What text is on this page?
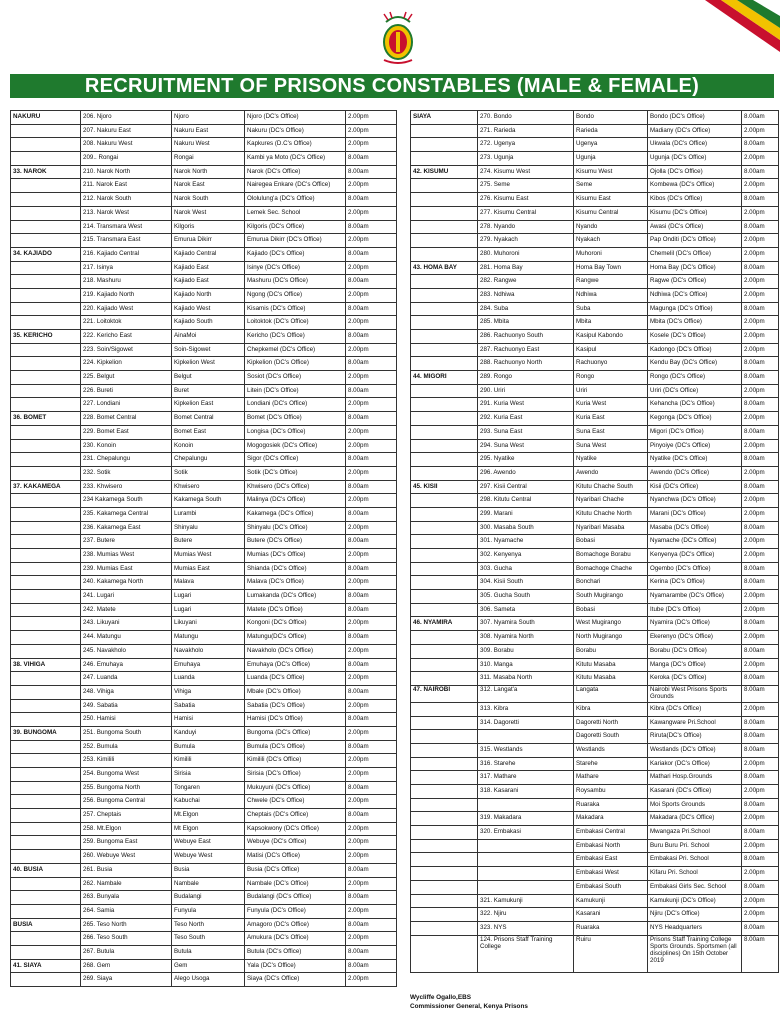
RECRUITMENT OF PRISONS CONSTABLES (MALE & FEMALE)
NAKURU	206. Njoro	Njoro	Njoro (DC's Office)	2.00pm
	207. Nakuru East	Nakuru East	Nakuru (DC's Office)	2.00pm
	208. Nakuru West	Nakuru West	Kapkures (D.C's Office)	2.00pm
	209.. Rongai	Rongai	Kambi ya Moto (DC's Office)	8.00am
33. NAROK	210. Narok North	Narok North	Narok (DC's Office)	8.00am
	211. Narok East	Narok East	Nairegea Enkare (DC's Office)	2.00pm
	212. Narok South	Narok South	Ololulung'a (DC's Office)	8.00am
	213. Narok West	Narok West	Lemek Sec. School	2.00pm
	214. Transmara West	Kilgoris	Kilgoris (DC's Office)	8.00am
	215. Transmara East	Emurua Dikirr	Emurua Dikirr (DC's Office)	2.00pm
34. KAJIADO	216. Kajiado Central	Kajiado Central	Kajiado (DC's Office)	8.00am
	217. Isinya	Kajiado East	Isinye (DC's Office)	2.00pm
	218. Mashuru	Kajiado East	Mashuru (DC's Office)	8.00am
	219. Kajiado North	Kajiado North	Ngong (DC's Office)	2.00pm
	220. Kajiado West	Kajiado West	Kisamis (DC's Office)	8.00am
	221. Loitoktok	Kajiado South	Loitoktok (DC's Office)	2.00pm
35. KERICHO	222. Kericho East	AinaMoi	Kericho (DC's Office)	8.00am
	223. Soin/Sigowet	Soin-Sigowet	Chepkemel (DC's Office)	2.00pm
	224. Kipkelion	Kipkelion West	Kipkelion (DC's Office)	8.00am
	225. Belgut	Belgut	Sosiot (DC's Office)	2.00pm
	226. Bureti	Buret	Litein (DC's Office)	8.00am
	227. Londiani	Kipkelion East	Londiani (DC's Office)	2.00pm
36. BOMET	228. Bomet Central	Bomet Central	Bomet (DC's Office)	8.00am
	229. Bomet East	Bomet East	Longisa (DC's Office)	2.00pm
	230. Konoin	Konoin	Mogogosiek (DC's Office)	2.00pm
	231. Chepalungu	Chepalungu	Sigor (DC's Office)	8.00am
	232. Sotik	Sotik	Sotik (DC's Office)	2.00pm
37. KAKAMEGA	233. Khwisero	Khwisero	Khwisero (DC's Office)	8.00am
	234 Kakamega South	Kakamega South	Malinya (DC's Office)	2.00pm
	235. Kakamega Central	Lurambi	Kakamega (DC's Office)	8.00am
	236. Kakamega East	Shinyalu	Shinyalu (DC's Office)	2.00pm
	237. Butere	Butere	Butere (DC's Office)	8.00am
	238. Mumias West	Mumias West	Mumias (DC's Office)	2.00pm
	239. Mumias East	Mumias East	Shianda (DC's Office)	8.00am
	240. Kakamega North	Malava	Malava (DC's Office)	2.00pm
	241. Lugari	Lugari	Lumakanda (DC's Office)	8.00am
	242. Matete	Lugari	Matete (DC's Office)	8.00am
	243. Likuyani	Likuyani	Kongoni (DC's Office)	2.00pm
	244. Matungu	Matungu	Matungu(DC's Office)	8.00am
	245. Navakholo	Navakholo	Navakholo (DC's Office)	2.00pm
38. VIHIGA	246. Emuhaya	Emuhaya	Emuhaya (DC's Office)	8.00am
	247. Luanda	Luanda	Luanda (DC's Office)	2.00pm
	248. Vihiga	Vihiga	Mbale (DC's Office)	8.00am
	249. Sabatia	Sabatia	Sabatia (DC's Office)	2.00pm
	250. Hamisi	Hamisi	Hamisi (DC's Office)	8.00am
39. BUNGOMA	251. Bungoma South	Kanduyi	Bungoma (DC's Office)	2.00pm
	252. Bumula	Bumula	Bumula (DC's Office)	8.00am
	253. Kimilili	Kimilili	Kimilili (DC's Office)	2.00pm
	254. Bungoma West	Sirisia	Sirisia (DC's Office)	2.00pm
	255. Bungoma North	Tongaren	Mukuyuni (DC's Office)	8.00am
	256. Bungoma Central	Kabuchai	Chwele (DC's Office)	2.00pm
	257. Cheptais	Mt.Elgon	Cheptais (DC's Office)	8.00am
	258. Mt.Elgon	Mt Elgon	Kapsokwony (DC's Office)	2.00pm
	259. Bungoma East	Webuye East	Webuye (DC's Office)	2.00pm
	260. Webuye West	Webuye West	Matisi (DC's Office)	2.00pm
40. BUSIA	261. Busia	Busia	Busia (DC's Office)	8.00am
	262. Nambale	Nambale	Nambale (DC's Office)	2.00pm
	263. Bunyala	Budalangi	Budalangi (DC's Office)	8.00am
	264. Samia	Funyula	Funyula (DC's Office)	2.00pm
BUSIA	265. Teso North	Teso North	Amagoro (DC's Office)	8.00am
	266. Teso South	Teso South	Amukura (DC's Office)	2.00pm
	267. Butula	Butula	Butula (DC's Office)	8.00am
41. SIAYA	268. Gem	Gem	Yala (DC's Office)	8.00am
	269. Siaya	Alego Usoga	Siaya (DC's Office)	2.00pm
SIAYA	270. Bondo	Bondo	Bondo (DC's Office)	8.00am
	271. Rarieda	Rarieda	Madiany (DC's Office)	2.00pm
	272. Ugenya	Ugenya	Ukwala (DC's Office)	8.00am
	273. Ugunja	Ugunja	Ugunja (DC's Office)	2.00pm
42. KISUMU	274. Kisumu West	Kisumu West	Ojolla (DC's Office)	8.00am
	275. Seme	Seme	Kombewa (DC's Office)	2.00pm
	276. Kisumu East	Kisumu East	Kibos (DC's Office)	8.00am
	277. Kisumu Central	Kisumu Central	Kisumu (DC's Office)	2.00pm
	278. Nyando	Nyando	Awasi (DC's Office)	8.00am
	279. Nyakach	Nyakach	Pap Onditi (DC's Office)	2.00pm
	280. Muhoroni	Muhoroni	Chemelil (DC's Office)	2.00pm
43. HOMA BAY	281. Homa Bay	Homa Bay Town	Homa Bay (DC's Office)	8.00am
	282. Rangwe	Rangwe	Ragwe (DC's Office)	2.00pm
	283. Ndhiwa	Ndhiwa	Ndhiwa (DC's Office)	2.00pm
	284. Suba	Suba	Magunga (DC's Office)	8.00am
	285. Mbita	Mbita	Mbita (DC's Office)	2.00pm
	286. Rachuonyo South	Kasipul Kabondo	Kosele (DC's Office)	2.00pm
	287. Rachuonyo East	Kasipul	Kadongo (DC's Office)	2.00pm
	288. Rachuonyo North	Rachuonyo	Kendu Bay (DC's Office)	8.00am
44. MIGORI	289. Rongo	Rongo	Rongo (DC's Office)	8.00am
	290. Uriri	Uriri	Uriri (DC's Office)	2.00pm
	291. Kuria West	Kuria West	Kehancha (DC's Office)	8.00am
	292. Kuria East	Kuria East	Kegonga (DC's Office)	2.00pm
	293. Suna East	Suna East	Migori (DC's Office)	8.00am
	294. Suna West	Suna West	Pinyoiye (DC's Office)	2.00pm
	295. Nyatike	Nyatike	Nyatike (DC's Office)	8.00am
	296. Awendo	Awendo	Awendo (DC's Office)	2.00pm
45. KISII	297. Kisii Central	Kitutu Chache South	Kisii (DC's Office)	8.00am
	298. Kitutu Central	Nyaribari Chache	Nyanchwa (DC's Office)	2.00pm
	299. Marani	Kitutu Chache North	Marani (DC's Office)	2.00pm
	300. Masaba South	Nyaribari Masaba	Masaba (DC's Office)	8.00am
	301. Nyamache	Bobasi	Nyamache (DC's Office)	2.00pm
	302. Kenyenya	Bomachoge Borabu	Kenyenya (DC's Office)	2.00pm
	303. Gucha	Bomachoge Chache	Ogembo (DC's Office)	8.00am
	304. Kisii South	Bonchari	Kerina (DC's Office)	8.00am
	305. Gucha South	South Mugirango	Nyamarambe (DC's Office)	2.00pm
	306. Sameta	Bobasi	Itube (DC's Office)	2.00pm
46. NYAMIRA	307. Nyamira South	West Mugirango	Nyamira (DC's Office)	8.00am
	308. Nyamira North	North Mugirango	Ekerenyo (DC's Office)	2.00pm
	309. Borabu	Borabu	Borabu (DC's Office)	8.00am
	310. Manga	Kitutu Masaba	Manga (DC's Office)	2.00pm
	311. Masaba North	Kitutu Masaba	Keroka (DC's Office)	8.00am
47. NAIROBI	312. Langat'a	Langata	Nairobi West Prisons Sports Grounds	8.00am
	313. Kibra	Kibra	Kibra (DC's Office)	2.00pm
	314. Dagoretti	Dagoretti North	Kawangware Pri.School	8.00am
		Dagoretti South	Riruta(DC's Office)	8.00am
	315. Westlands	Westlands	Westlands (DC's Office)	8.00am
	316. Starehe	Starehe	Kariakor (DC's Office)	2.00pm
	317. Mathare	Mathare	Mathari Hosp.Grounds	8.00am
	318. Kasarani	Roysambu	Kasarani (DC's Office)	2.00pm
		Ruaraka	Moi Sports Grounds	8.00am
	319. Makadara	Makadara	Makadara (DC's Office)	2.00pm
	320. Embakasi	Embakasi Central	Mwangaza Pri.School	8.00am
		Embakasi North	Buru Buru Pri. School	2.00pm
		Embakasi East	Embakasi Pri. School	8.00am
		Embakasi West	Kifaru Pri. School	2.00pm
		Embakasi South	Embakasi Girls Sec. School	8.00am
	321. Kamukunji	Kamukunji	Kamukunji (DC's Office)	2.00pm
	322. Njiru	Kasarani	Njiru (DC's Office)	2.00pm
	323. NYS	Ruaraka	NYS Headquarters	8.00am
	124. Prisons Staff Training College	Ruiru	Prisons Staff Training College Sports Grounds. Sportsmen (all disciplines) On 15th October 2019	8.00am
Wycliffe Ogallo,EBS
Commissioner General, Kenya Prisons
